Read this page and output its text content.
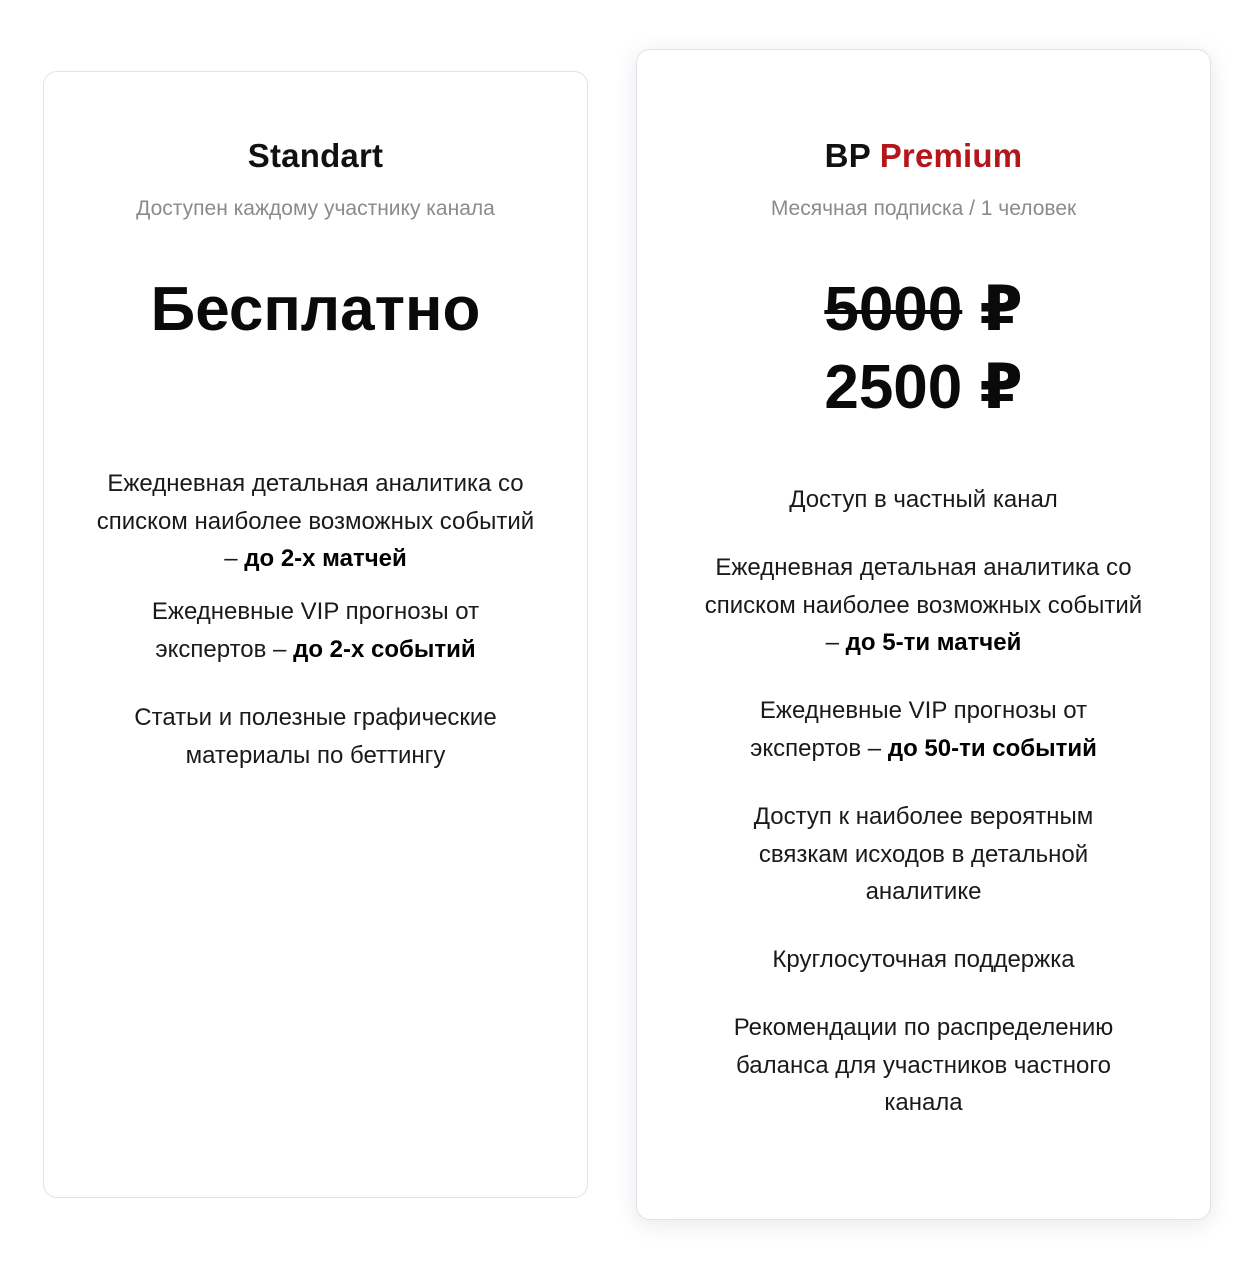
Standart
Доступен каждому участнику канала
Бесплатно
Ежедневная детальная аналитика со списком наиболее возможных событий – до 2-х матчей
Ежедневные VIP прогнозы от экспертов – до 2-х событий
Статьи и полезные графические материалы по беттингу
BP Premium
Месячная подписка / 1 человек
5000 ₽
2500 ₽
Доступ в частный канал
Ежедневная детальная аналитика со списком наиболее возможных событий – до 5-ти матчей
Ежедневные VIP прогнозы от экспертов – до 50-ти событий
Доступ к наиболее вероятным связкам исходов в детальной аналитике
Круглосуточная поддержка
Рекомендации по распределению баланса для участников частного канала
